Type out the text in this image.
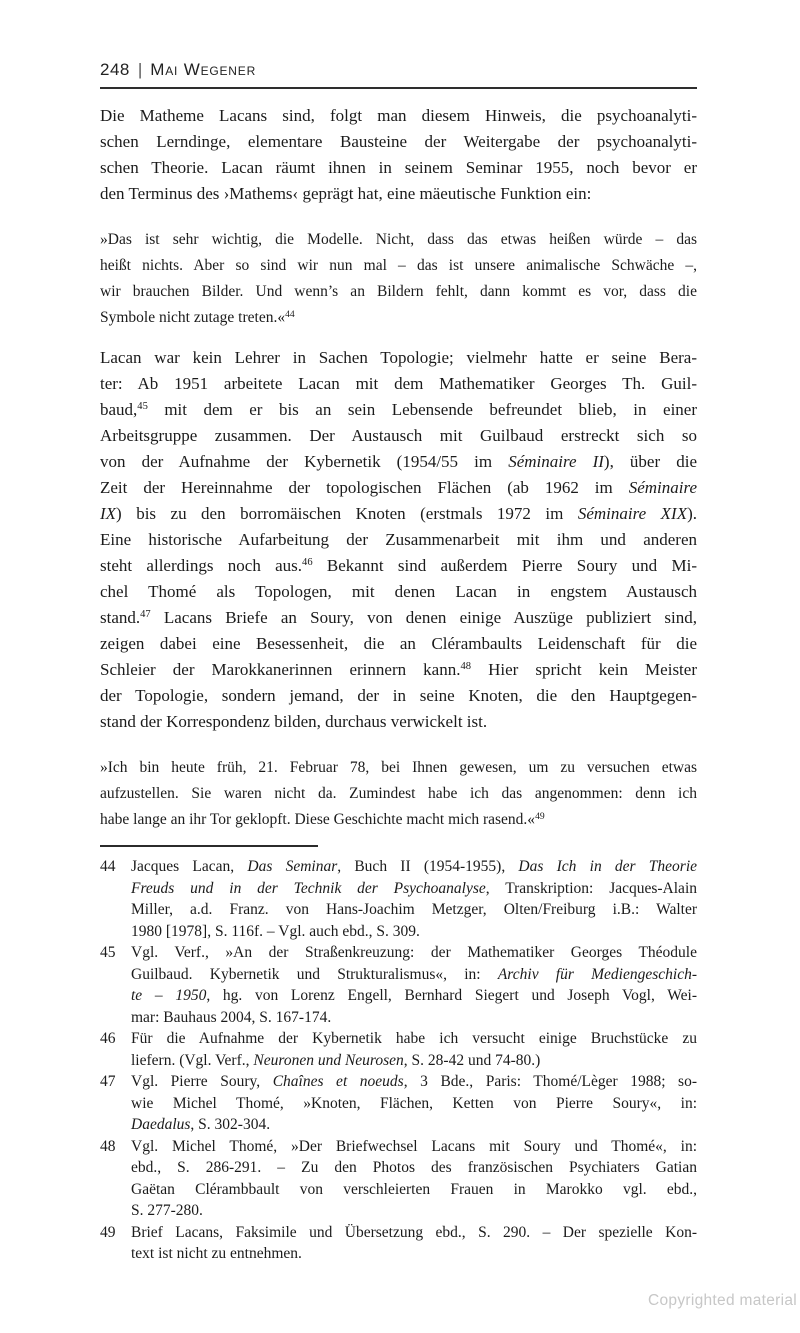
248 | Mai Wegener
Die Matheme Lacans sind, folgt man diesem Hinweis, die psychoanalyti-
schen Lerndinge, elementare Bausteine der Weitergabe der psychoanalyti-
schen Theorie. Lacan räumt ihnen in seinem Seminar 1955, noch bevor er
den Terminus des ›Mathems‹ geprägt hat, eine mäeutische Funktion ein:
»Das ist sehr wichtig, die Modelle. Nicht, dass das etwas heißen würde – das
heißt nichts. Aber so sind wir nun mal – das ist unsere animalische Schwäche –,
wir brauchen Bilder. Und wenn’s an Bildern fehlt, dann kommt es vor, dass die
Symbole nicht zutage treten.«$^{44}$
Lacan war kein Lehrer in Sachen Topologie; vielmehr hatte er seine Bera-
ter: Ab 1951 arbeitete Lacan mit dem Mathematiker Georges Th. Guil-
baud,$^{45}$ mit dem er bis an sein Lebensende befreundet blieb, in einer
Arbeitsgruppe zusammen. Der Austausch mit Guilbaud erstreckt sich so
von der Aufnahme der Kybernetik (1954/55 im Séminaire II), über die
Zeit der Hereinnahme der topologischen Flächen (ab 1962 im Séminaire
IX) bis zu den borromäischen Knoten (erstmals 1972 im Séminaire XIX).
Eine historische Aufarbeitung der Zusammenarbeit mit ihm und anderen
steht allerdings noch aus.$^{46}$ Bekannt sind außerdem Pierre Soury und Mi-
chel Thomé als Topologen, mit denen Lacan in engstem Austausch
stand.$^{47}$ Lacans Briefe an Soury, von denen einige Auszüge publiziert sind,
zeigen dabei eine Besessenheit, die an Clérambaults Leidenschaft für die
Schleier der Marokkanerinnen erinnern kann.$^{48}$ Hier spricht kein Meister
der Topologie, sondern jemand, der in seine Knoten, die den Hauptgegen-
stand der Korrespondenz bilden, durchaus verwickelt ist.
»Ich bin heute früh, 21. Februar 78, bei Ihnen gewesen, um zu versuchen etwas
aufzustellen. Sie waren nicht da. Zumindest habe ich das angenommen: denn ich
habe lange an ihr Tor geklopft. Diese Geschichte macht mich rasend.«$^{49}$
44	Jacques Lacan, Das Seminar, Buch II (1954-1955), Das Ich in der Theorie
Freuds und in der Technik der Psychoanalyse, Transkription: Jacques-Alain
Miller, a.d. Franz. von Hans-Joachim Metzger, Olten/Freiburg i.B.: Walter
1980 [1978], S. 116f. – Vgl. auch ebd., S. 309.
45	Vgl. Verf., »An der Straßenkreuzung: der Mathematiker Georges Théodule
Guilbaud. Kybernetik und Strukturalismus«, in: Archiv für Mediengeschich-
te – 1950, hg. von Lorenz Engell, Bernhard Siegert und Joseph Vogl, Wei-
mar: Bauhaus 2004, S. 167-174.
46	Für die Aufnahme der Kybernetik habe ich versucht einige Bruchstücke zu
liefern. (Vgl. Verf., Neuronen und Neurosen, S. 28-42 und 74-80.)
47	Vgl. Pierre Soury, Chaînes et noeuds, 3 Bde., Paris: Thomé/Lèger 1988; so-
wie Michel Thomé, »Knoten, Flächen, Ketten von Pierre Soury«, in:
Daedalus, S. 302-304.
48	Vgl. Michel Thomé, »Der Briefwechsel Lacans mit Soury und Thomé«, in:
ebd., S. 286-291. – Zu den Photos des französischen Psychiaters Gatian
Gaëtan Clérambbault von verschleierten Frauen in Marokko vgl. ebd.,
S. 277-280.
49	Brief Lacans, Faksimile und Übersetzung ebd., S. 290. – Der spezielle Kon-
text ist nicht zu entnehmen.
Copyrighted material
